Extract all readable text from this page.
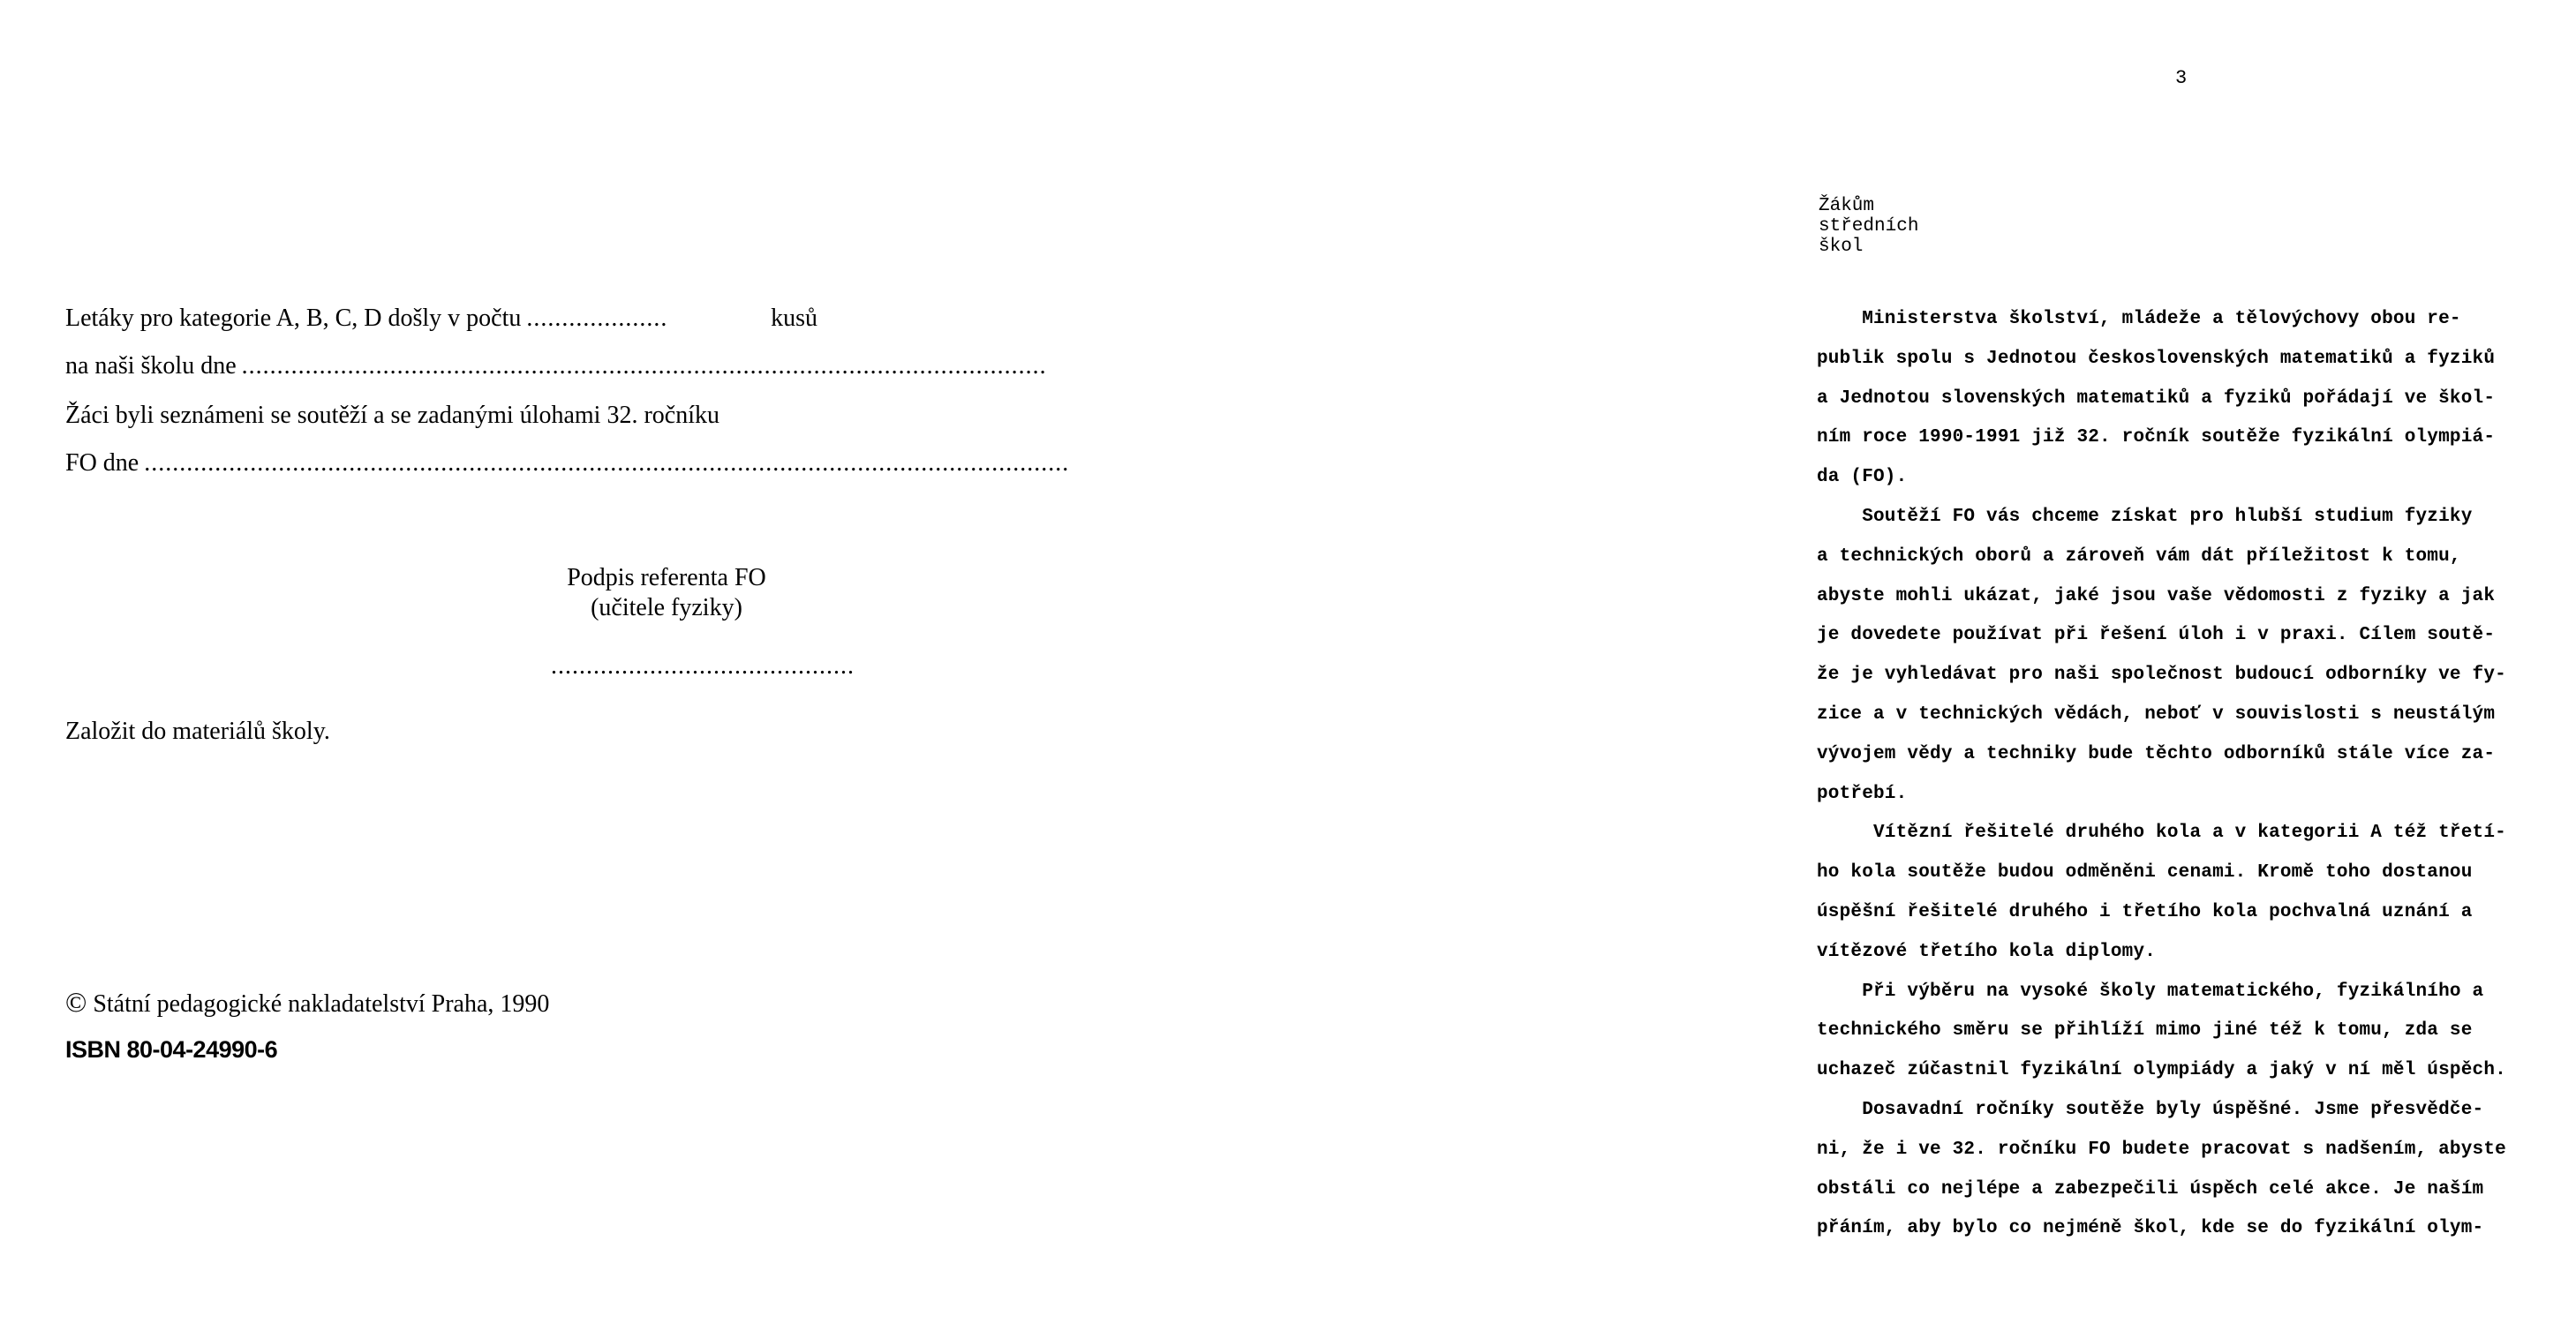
Letáky pro kategorie A, B, C, D došly v počtu ....................	kusů
na naši školu dne ..................................................................................................................
Žáci byli seznámeni se soutěží a se zadanými úlohami 32. ročníku
FO dne ...................................................................................................................................
Podpis referenta FO
(učitele fyziky)
...........................................
Založit do materiálů školy.
© Státní pedagogické nakladatelství Praha, 1990
ISBN 80-04-24990-6
3
Žákům středních škol
Ministerstva školství, mládeže a tělovýchovy obou re-
publik spolu s Jednotou československých matematiků a fyziků
a Jednotou slovenských matematiků a fyziků pořádají ve škol-
ním roce 1990-1991 již 32. ročník soutěže fyzikální olympiá-
da (FO).
Soutěží FO vás chceme získat pro hlubší studium fyziky
a technických oborů a zároveň vám dát příležitost k tomu,
abyste mohli ukázat, jaké jsou vaše vědomosti z fyziky a jak
je dovedete používat při řešení úloh i v praxi. Cílem soutě-
že je vyhledávat pro naši společnost budoucí odborníky ve fy-
zice a v technických vědách, neboť v souvislosti s neustálým
vývojem vědy a techniky bude těchto odborníků stále více za-
potřebí.
Vítězní řešitelé druhého kola a v kategorii A též třetí-
ho kola soutěže budou odměněni cenami. Kromě toho dostanou
úspěšní řešitelé druhého i třetího kola pochvalná uznání a
vítězové třetího kola diplomy.
Při výběru na vysoké školy matematického, fyzikálního a
technického směru se přihlíží mimo jiné též k tomu, zda se
uchazeč zúčastnil fyzikální olympiády a jaký v ní měl úspěch.
Dosavadní ročníky soutěže byly úspěšné. Jsme přesvědče-
ni, že i ve 32. ročníku FO budete pracovat s nadšením, abyste
obstáli co nejlépe a zabezpečili úspěch celé akce. Je naším
přáním, aby bylo co nejméně škol, kde se do fyzikální olym-
